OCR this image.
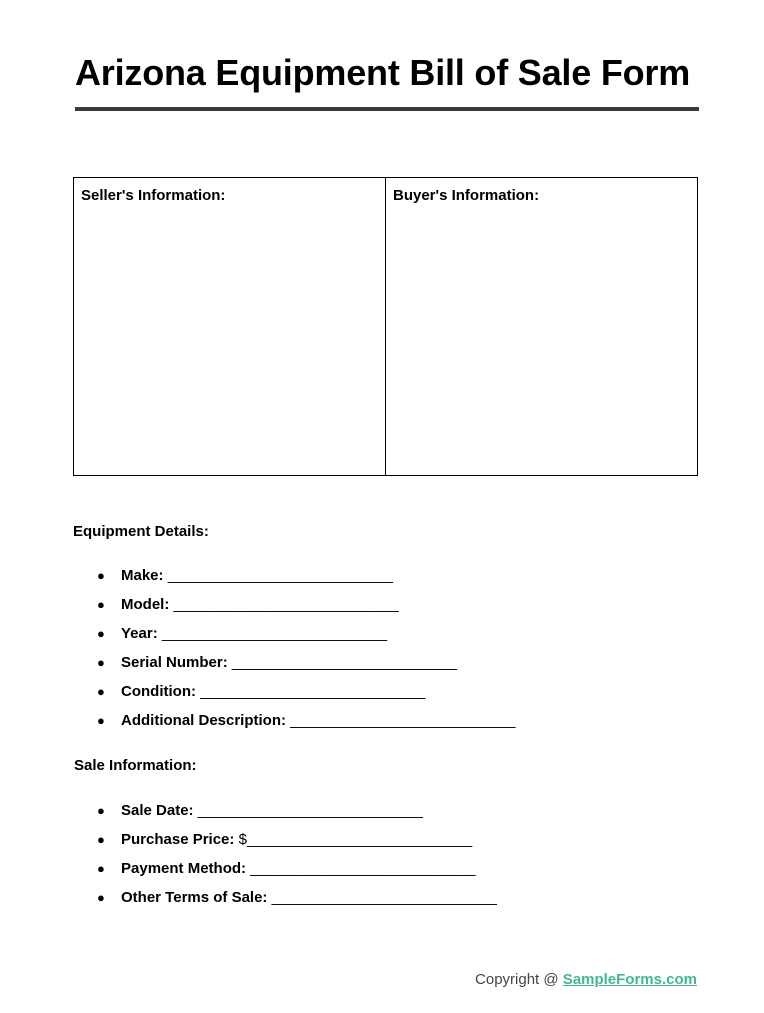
Arizona Equipment Bill of Sale Form
Seller's Information:	Buyer's Information:
Equipment Details:
● Make: ___________________________
● Model: ___________________________
● Year: ___________________________
● Serial Number: ___________________________
● Condition: ___________________________
● Additional Description: ___________________________
Sale Information:
● Sale Date: ___________________________
● Purchase Price: $___________________________
● Payment Method: ___________________________
● Other Terms of Sale: ___________________________
Copyright @ SampleForms.com
